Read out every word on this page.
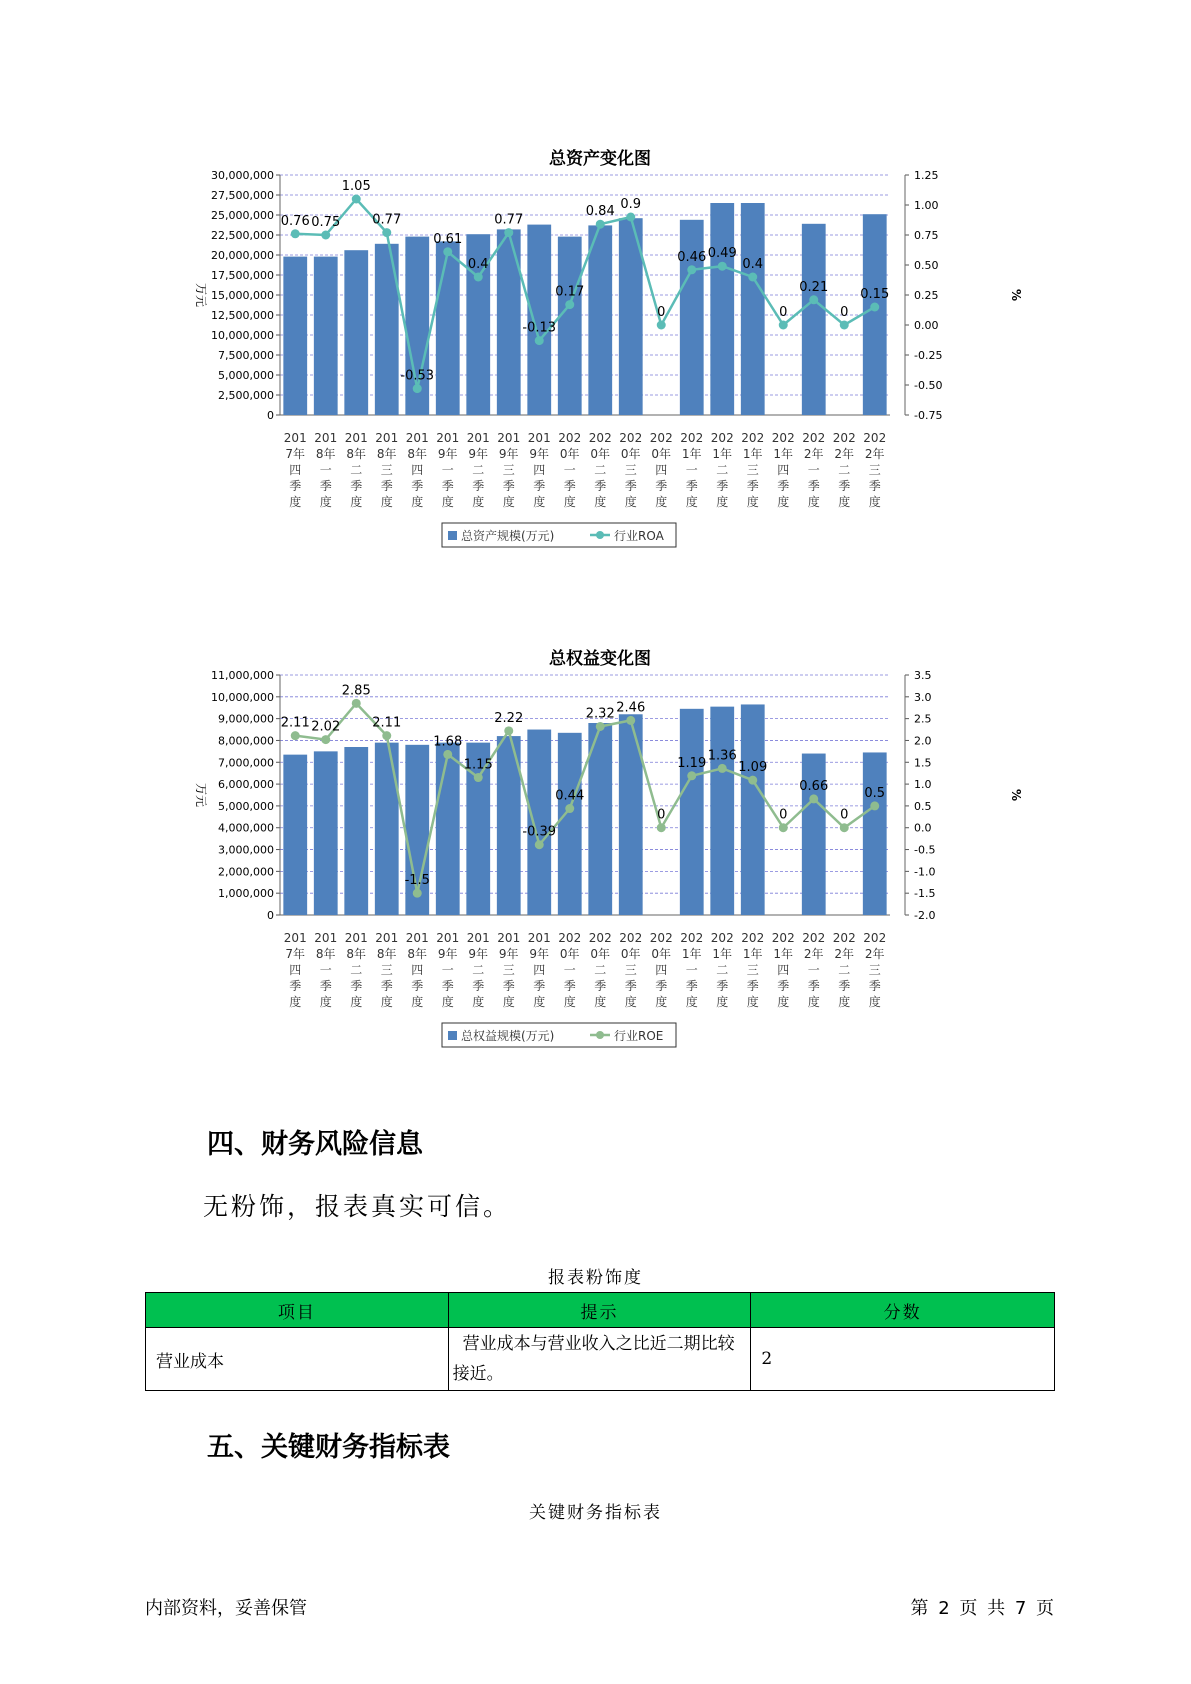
总资产变化图
30,000,000
27,500,000
25,000,000
22,500,000
20,000,000
17,500,000
15,000,000
12,500,000
10,000,000
7,500,000
5,000,000
2,500,000
0
1.25
1.00
0.75
0.50
0.25
0.00
-0.25
-0.50
-0.75
万元	%
0.76 0.75
1.05
0.77
-0.53
0.61
0.4
0.77
-0.13
0.17
0.84 0.9
0
0.46 0.49
0.4
0
0.21
0
0.15
201
7年
四
季
度
201
8年
一
季
度
201
8年
二
季
度
201
8年
三
季
度
201
8年
四
季
度
201
9年
一
季
度
201
9年
二
季
度
201
9年
三
季
度
201
9年
四
季
度
202
0年
一
季
度
202
0年
二
季
度
202
0年
三
季
度
202
0年
四
季
度
202
1年
一
季
度
202
1年
二
季
度
202
1年
三
季
度
202
1年
四
季
度
202
2年
一
季
度
202
2年
二
季
度
202
2年
三
季
度
总资产规模(万元)	行业ROA
总权益变化图
11,000,000
10,000,000
9,000,000
8,000,000
7,000,000
6,000,000
5,000,000
4,000,000
3,000,000
2,000,000
1,000,000
0
3.5
3.0
2.5
2.0
1.5
1.0
0.5
0.0
-0.5
-1.0
-1.5
-2.0
万元	%
2.11 2.02
2.85
2.11
-1.5
1.68
1.15
2.22
-0.39
0.44
2.32 2.46
0
1.19 1.36
1.09
0
0.66
0
0.5
201
7年
四
季
度
201
8年
一
季
度
201
8年
二
季
度
201
8年
三
季
度
201
8年
四
季
度
201
9年
一
季
度
201
9年
二
季
度
201
9年
三
季
度
201
9年
四
季
度
202
0年
一
季
度
202
0年
二
季
度
202
0年
三
季
度
202
0年
四
季
度
202
1年
一
季
度
202
1年
二
季
度
202
1年
三
季
度
202
1年
四
季
度
202
2年
一
季
度
202
2年
二
季
度
202
2年
三
季
度
总权益规模(万元)	行业ROE
四、财务风险信息
无粉饰，报表真实可信。
报表粉饰度
项目	提示	分数
营业成本	营业成本与营业收入之比近二期比较接近。	2
五、关键财务指标表
关键财务指标表
内部资料，妥善保管	第 2 页 共 7 页
